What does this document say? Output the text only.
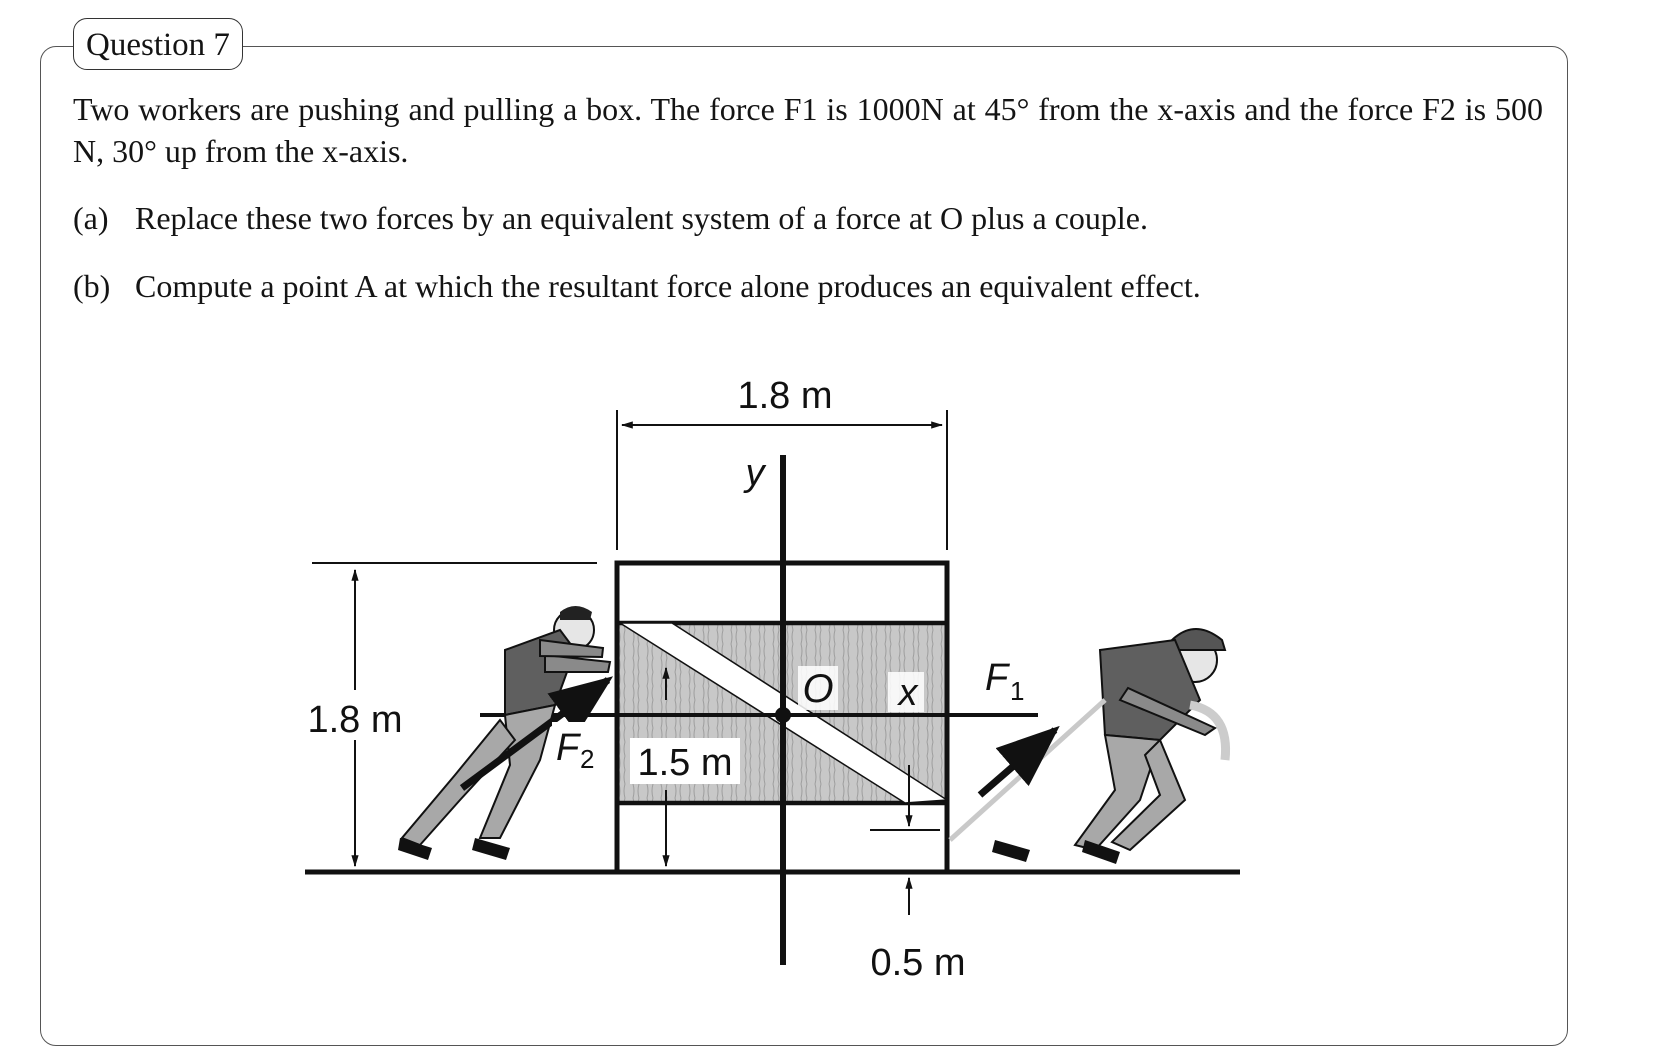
Question 7
Two workers are pushing and pulling a box. The force F1 is 1000N at 45° from the x-axis and the force F2 is 500 N, 30° up from the x-axis.
(a) Replace these two forces by an equivalent system of a force at O plus a couple.
(b) Compute a point A at which the resultant force alone produces an equivalent effect.
1.8 m
1.8 m
1.5 m
0.5 m
y
x
O
F 2
F 1
